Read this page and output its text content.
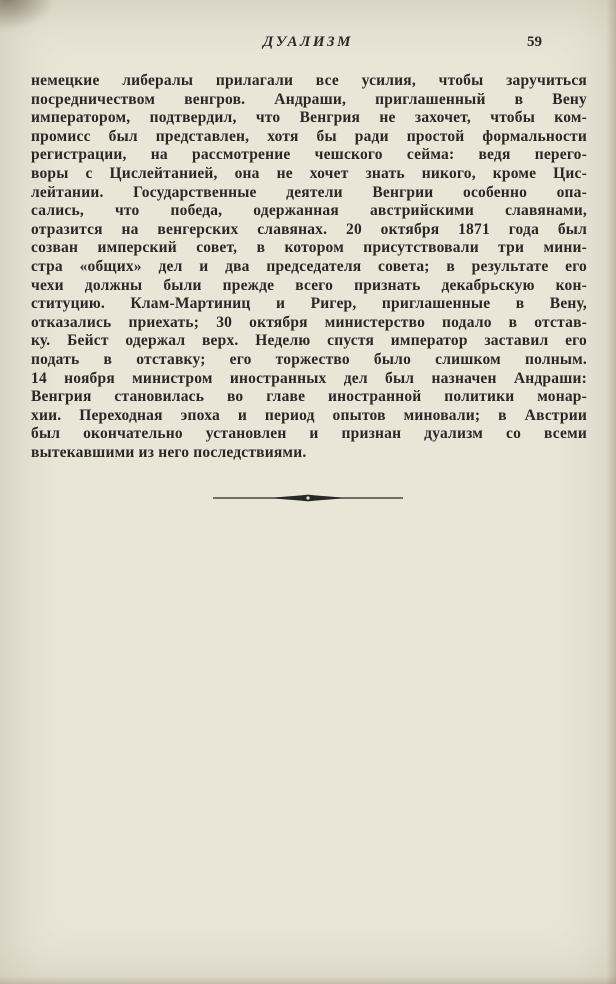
ДУАЛИЗМ	59
немецкие либералы прилагали все усилия, чтобы заручиться
посредничеством венгров. Андраши, приглашенный в Вену
императором, подтвердил, что Венгрия не захочет, чтобы ком-
промисс был представлен, хотя бы ради простой формальности
регистрации, на рассмотрение чешского сейма: ведя перего-
воры с Цислейтанией, она не хочет знать никого, кроме Цис-
лейтании. Государственные деятели Венгрии особенно опа-
сались, что победа, одержанная австрийскими славянами,
отразится на венгерских славянах. 20 октября 1871 года был
созван имперский совет, в котором присутствовали три мини-
стра «общих» дел и два председателя совета; в результате его
чехи должны были прежде всего признать декабрьскую кон-
ституцию. Клам-Мартиниц и Ригер, приглашенные в Вену,
отказались приехать; 30 октября министерство подало в отстав-
ку. Бейст одержал верх. Неделю спустя император заставил его
подать в отставку; его торжество было слишком полным.
14 ноября министром иностранных дел был назначен Андраши:
Венгрия становилась во главе иностранной политики монар-
хии. Переходная эпоха и период опытов миновали; в Австрии
был окончательно установлен и признан дуализм со всеми
вытекавшими из него последствиями.
